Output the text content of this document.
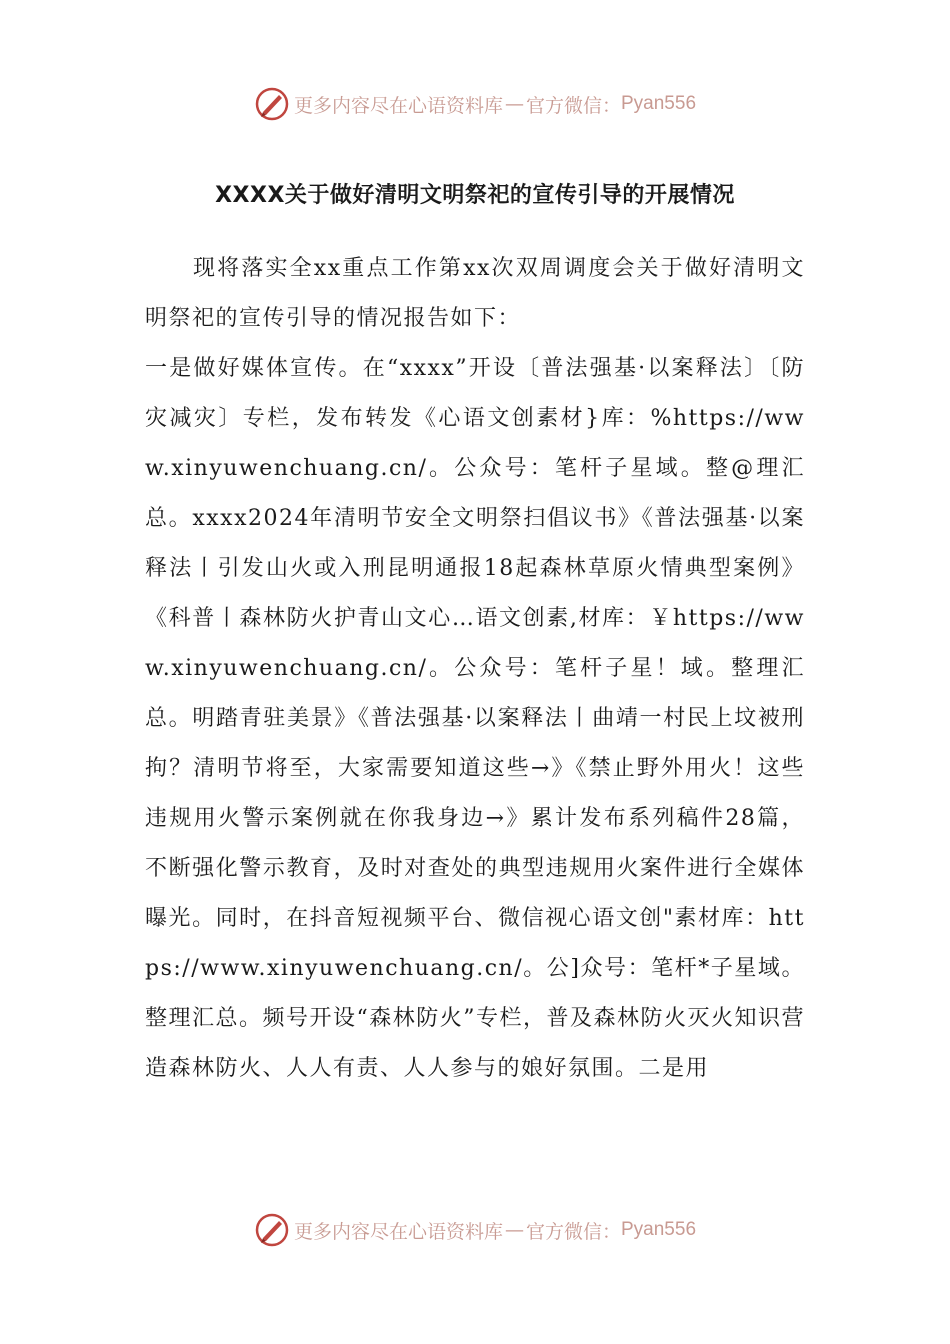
更多内容尽在心语资料库 — 官方微信： Pyan556
XXXX关于做好清明文明祭祀的宣传引导的开展情况

现将落实全xx重点工作第xx次双周调度会关于做好清明文明祭祀的宣传引导的情况报告如下：

一是做好媒体宣传。在“xxxx”开设〔普法强基·以案释法〕〔防灾减灾〕专栏，发布转发《心语文创素材}库：%https://www.xinyuwenchuang.cn/。公众号：笔杆子星域。整@理汇总。xxxx2024年清明节安全文明祭扫倡议书》《普法强基·以案释法丨引发山火或入刑昆明通报18起森林草原火情典型案例》《科普丨森林防火护青山文心…语文创素,材库：￥https://www.xinyuwenchuang.cn/。公众号：笔杆子星！域。整理汇总。明踏青驻美景》《普法强基·以案释法丨曲靖一村民上坟被刑拘？清明节将至，大家需要知道这些→》《禁止野外用火！这些违规用火警示案例就在你我身边→》累计发布系列稿件28篇，不断强化警示教育，及时对查处的典型违规用火案件进行全媒体曝光。同时，在抖音短视频平台、微信视心语文创"素材库：https://www.xinyuwenchuang.cn/。公]众号：笔杆*子星域。整理汇总。频号开设“森林防火”专栏，普及森林防火灭火知识营造森林防火、人人有责、人人参与的娘好氛围。二是用

更多内容尽在心语资料库 — 官方微信： Pyan556
